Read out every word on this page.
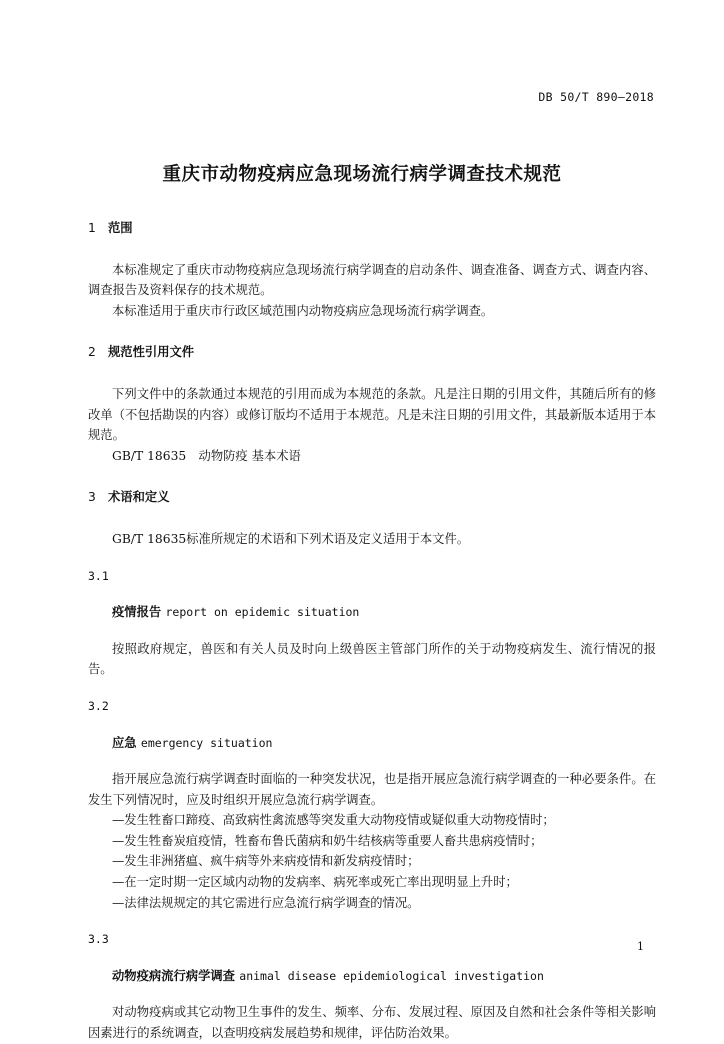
DB 50/T 890—2018
重庆市动物疫病应急现场流行病学调查技术规范

1 范围

本标准规定了重庆市动物疫病应急现场流行病学调查的启动条件、调查准备、调查方式、调查内容、调查报告及资料保存的技术规范。

本标准适用于重庆市行政区域范围内动物疫病应急现场流行病学调查。

2 规范性引用文件

下列文件中的条款通过本规范的引用而成为本规范的条款。凡是注日期的引用文件，其随后所有的修改单（不包括勘误的内容）或修订版均不适用于本规范。凡是未注日期的引用文件，其最新版本适用于本规范。

GB/T 18635　动物防疫 基本术语

3 术语和定义

GB/T 18635标准所规定的术语和下列术语及定义适用于本文件。

3.1

疫情报告 report on epidemic situation

按照政府规定，兽医和有关人员及时向上级兽医主管部门所作的关于动物疫病发生、流行情况的报告。

3.2

应急 emergency situation

指开展应急流行病学调查时面临的一种突发状况，也是指开展应急流行病学调查的一种必要条件。在发生下列情况时，应及时组织开展应急流行病学调查。

—发生牲畜口蹄疫、高致病性禽流感等突发重大动物疫情或疑似重大动物疫情时；

—发生牲畜炭疽疫情，牲畜布鲁氏菌病和奶牛结核病等重要人畜共患病疫情时；

—发生非洲猪瘟、疯牛病等外来病疫情和新发病疫情时；

—在一定时期一定区域内动物的发病率、病死率或死亡率出现明显上升时；

—法律法规规定的其它需进行应急流行病学调查的情况。

3.3

动物疫病流行病学调查 animal disease epidemiological investigation

对动物疫病或其它动物卫生事件的发生、频率、分布、发展过程、原因及自然和社会条件等相关影响因素进行的系统调查，以查明疫病发展趋势和规律，评估防治效果。

1
